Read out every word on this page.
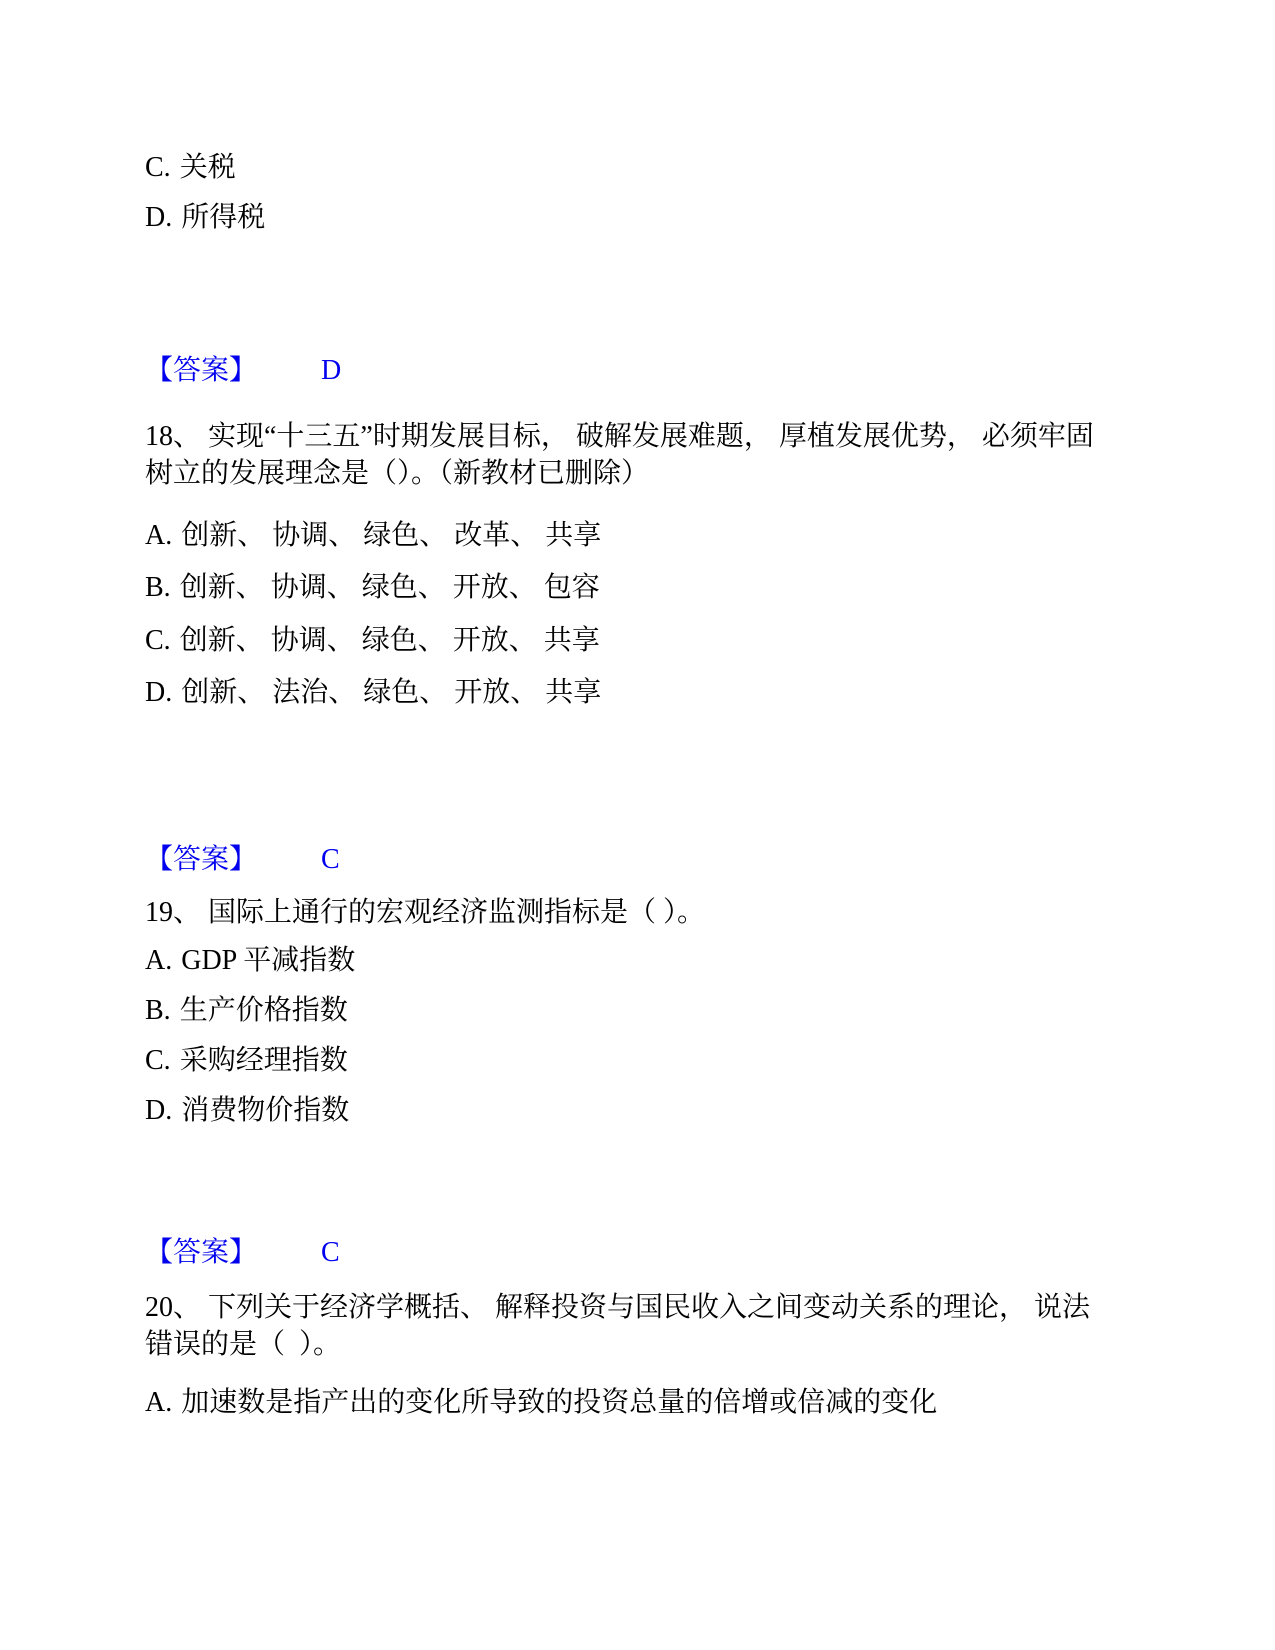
C. 关税
D. 所得税
【答案】 D
18、 实现“十三五”时期发展目标， 破解发展难题， 厚植发展优势， 必须牢固
树立的发展理念是（）。（新教材已删除）
A. 创新、 协调、 绿色、 改革、 共享
B. 创新、 协调、 绿色、 开放、 包容
C. 创新、 协调、 绿色、 开放、 共享
D. 创新、 法治、 绿色、 开放、 共享
【答案】 C
19、 国际上通行的宏观经济监测指标是（ ）。
A. GDP 平减指数
B. 生产价格指数
C. 采购经理指数
D. 消费物价指数
【答案】 C
20、 下列关于经济学概括、 解释投资与国民收入之间变动关系的理论， 说法
错误的是（  ）。
A. 加速数是指产出的变化所导致的投资总量的倍增或倍减的变化
